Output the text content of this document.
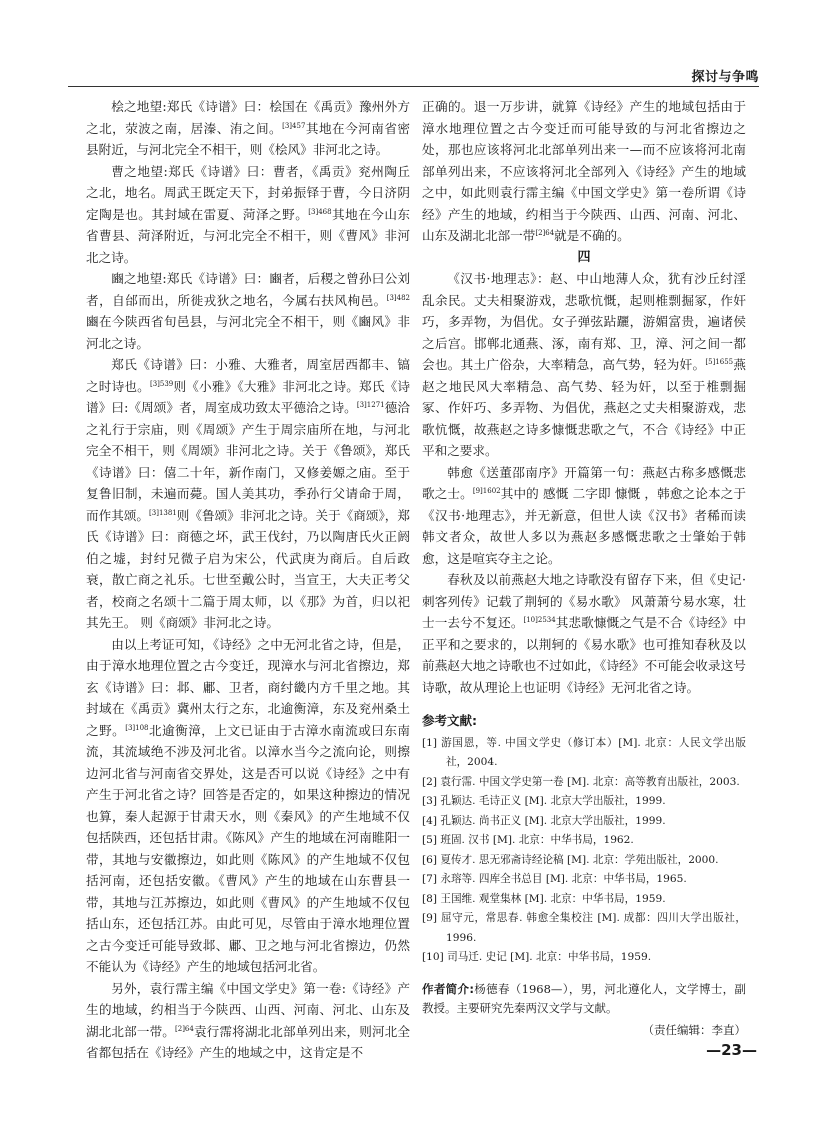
探讨与争鸣

桧之地望:郑氏《诗谱》曰：桧国在《禹贡》豫州外方之北，荥波之南，居溱、洧之间。$^{[3]457}$其地在今河南省密县附近，与河北完全不相干，则《桧风》非河北之诗。

曹之地望:郑氏《诗谱》曰：曹者，《禹贡》兖州陶丘之北，地名。周武王既定天下，封弟振铎于曹，今日济阴定陶是也。其封域在雷夏、菏泽之野。$^{[3]468}$其地在今山东省曹县、菏泽附近，与河北完全不相干，则《曹风》非河北之诗。

豳之地望:郑氏《诗谱》曰：豳者，后稷之曾孙曰公刘者，自邰而出，所徙戎狄之地名，今属右扶风栒邑。$^{[3]482}$豳在今陕西省旬邑县，与河北完全不相干，则《豳风》非河北之诗。

郑氏《诗谱》曰：小雅、大雅者，周室居西都丰、镐之时诗也。$^{[3]539}$则《小雅》《大雅》非河北之诗。郑氏《诗谱》曰:《周颂》者，周室成功致太平德洽之诗。$^{[3]1271}$德洽之礼行于宗庙，则《周颂》产生于周宗庙所在地，与河北完全不相干，则《周颂》非河北之诗。关于《鲁颂》，郑氏《诗谱》曰：僖二十年，新作南门，又修姜嫄之庙。至于复鲁旧制，未遍而薨。国人美其功，季孙行父请命于周，而作其颂。$^{[3]1381}$则《鲁颂》非河北之诗。关于《商颂》，郑氏《诗谱》曰：商德之坏，武王伐纣，乃以陶唐氏火正阏伯之墟，封纣兄微子启为宋公，代武庚为商后。自后政衰，散亡商之礼乐。七世至戴公时，当宣王，大夫正考父者，校商之名颂十二篇于周太师，以《那》为首，归以祀其先王。 则《商颂》非河北之诗。

由以上考证可知，《诗经》之中无河北省之诗，但是，由于漳水地理位置之古今变迁，现漳水与河北省擦边，郑玄《诗谱》曰：邶、鄘、卫者，商纣畿内方千里之地。其封域在《禹贡》冀州太行之东，北逾衡漳，东及兖州桑土之野。$^{[3]108}$北逾衡漳，上文已证由于古漳水南流或曰东南流，其流域绝不涉及河北省。以漳水当今之流向论，则擦边河北省与河南省交界处，这是否可以说《诗经》之中有产生于河北省之诗？回答是否定的，如果这种擦边的情况也算，秦人起源于甘肃天水，则《秦风》的产生地域不仅包括陕西，还包括甘肃。《陈风》产生的地域在河南睢阳一带，其地与安徽擦边，如此则《陈风》的产生地域不仅包括河南，还包括安徽。《曹风》产生的地域在山东曹县一带，其地与江苏擦边，如此则《曹风》的产生地域不仅包括山东，还包括江苏。由此可见，尽管由于漳水地理位置之古今变迁可能导致邶、鄘、卫之地与河北省擦边，仍然不能认为《诗经》产生的地域包括河北省。

另外，袁行霈主编《中国文学史》第一卷:《诗经》产生的地域，约相当于今陕西、山西、河南、河北、山东及湖北北部一带。$^{[2]64}$袁行霈将湖北北部单列出来，则河北全省都包括在《诗经》产生的地域之中，这肯定是不

正确的。退一万步讲，就算《诗经》产生的地域包括由于漳水地理位置之古今变迁而可能导致的与河北省擦边之处，那也应该将河北北部单列出来一—而不应该将河北南部单列出来，不应该将河北全部列入《诗经》产生的地域之中，如此则袁行霈主编《中国文学史》第一卷所谓《诗经》产生的地域，约相当于今陕西、山西、河南、河北、山东及湖北北部一带$^{[2]64}$就是不确的。

四

《汉书·地理志》：赵、中山地薄人众，犹有沙丘纣淫乱余民。丈夫相聚游戏，悲歌忼慨，起则椎剽掘冢，作奸巧，多弄物，为倡优。女子弹弦跕躧，游媚富贵，遍诸侯之后宫。邯郸北通燕、涿，南有郑、卫，漳、河之间一都会也。其土广俗杂，大率精急，高气势，轻为奸。$^{[5]1655}$燕赵之地民风大率精急、高气势、轻为奸，以至于椎剽掘冢、作奸巧、多弄物、为倡优，燕赵之丈夫相聚游戏，悲歌忼慨，故燕赵之诗多慷慨悲歌之气，不合《诗经》中正平和之要求。

韩愈《送董邵南序》开篇第一句：燕赵古称多感慨悲歌之士。$^{[9]1602}$其中的 感慨 二字即 慷慨 ，韩愈之论本之于《汉书·地理志》，并无新意，但世人读《汉书》者稀而读韩文者众，故世人多以为燕赵多感慨悲歌之士肇始于韩愈，这是喧宾夺主之论。

春秋及以前燕赵大地之诗歌没有留存下来，但《史记·刺客列传》记载了荆轲的《易水歌》 风萧萧兮易水寒，壮士一去兮不复还。$^{[10]2534}$其悲歌慷慨之气是不合《诗经》中正平和之要求的，以荆轲的《易水歌》也可推知春秋及以前燕赵大地之诗歌也不过如此，《诗经》不可能会收录这号诗歌，故从理论上也证明《诗经》无河北省之诗。

参考文献:
[1] 游国恩，等. 中国文学史（修订本）[M]. 北京：人民文学出版社，2004.
[2] 袁行霈. 中国文学史第一卷 [M]. 北京：高等教育出版社，2003.
[3] 孔颖达. 毛诗正义 [M]. 北京大学出版社，1999.
[4] 孔颖达. 尚书正义 [M]. 北京大学出版社，1999.
[5] 班固. 汉书 [M]. 北京：中华书局，1962.
[6] 夏传才. 思无邪斋诗经论稿 [M]. 北京：学苑出版社，2000.
[7] 永瑢等. 四库全书总目 [M]. 北京：中华书局，1965.
[8] 王国维. 观堂集林 [M]. 北京：中华书局，1959.
[9] 屈守元，常思春. 韩愈全集校注 [M]. 成都：四川大学出版社，1996.
[10] 司马迁. 史记 [M]. 北京：中华书局，1959.
作者简介:杨德春（1968—），男，河北遵化人，文学博士，副教授。主要研究先秦两汉文学与文献。
（责任编辑：李直）
—23—
